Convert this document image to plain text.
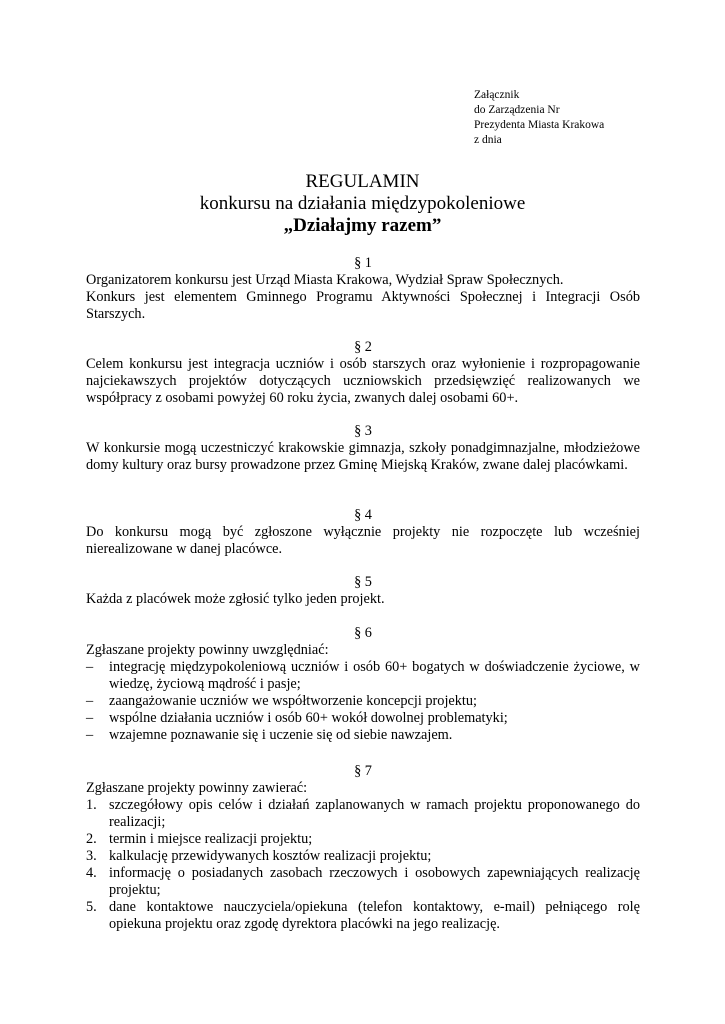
Załącznik
do Zarządzenia Nr
Prezydenta Miasta Krakowa
z dnia
REGULAMIN
konkursu na działania międzypokoleniowe
„Działajmy razem”
§ 1
Organizatorem konkursu jest Urząd Miasta Krakowa, Wydział Spraw Społecznych.
Konkurs jest elementem Gminnego Programu Aktywności Społecznej i Integracji Osób Starszych.
§ 2
Celem konkursu jest integracja uczniów i osób starszych oraz wyłonienie i rozpropagowanie najciekawszych projektów dotyczących uczniowskich przedsięwzięć realizowanych we współpracy z osobami powyżej 60 roku życia, zwanych dalej osobami 60+.
§ 3
W konkursie mogą uczestniczyć krakowskie gimnazja, szkoły ponadgimnazjalne, młodzieżowe domy kultury oraz bursy prowadzone przez Gminę Miejską Kraków, zwane dalej placówkami.
§ 4
Do konkursu mogą być zgłoszone wyłącznie projekty nie rozpoczęte lub wcześniej nierealizowane w danej placówce.
§ 5
Każda z placówek może zgłosić tylko jeden projekt.
§ 6
Zgłaszane projekty powinny uwzględniać:
– integrację międzypokoleniową uczniów i osób 60+ bogatych w doświadczenie życiowe, w wiedzę, życiową mądrość i pasje;
– zaangażowanie uczniów we współtworzenie koncepcji projektu;
– wspólne działania uczniów i osób 60+ wokół dowolnej problematyki;
– wzajemne poznawanie się i uczenie się od siebie nawzajem.
§ 7
Zgłaszane projekty powinny zawierać:
1. szczegółowy opis celów i działań zaplanowanych w ramach projektu proponowanego do realizacji;
2. termin i miejsce realizacji projektu;
3. kalkulację przewidywanych kosztów realizacji projektu;
4. informację o posiadanych zasobach rzeczowych i osobowych zapewniających realizację projektu;
5. dane kontaktowe nauczyciela/opiekuna (telefon kontaktowy, e-mail) pełniącego rolę opiekuna projektu oraz zgodę dyrektora placówki na jego realizację.
